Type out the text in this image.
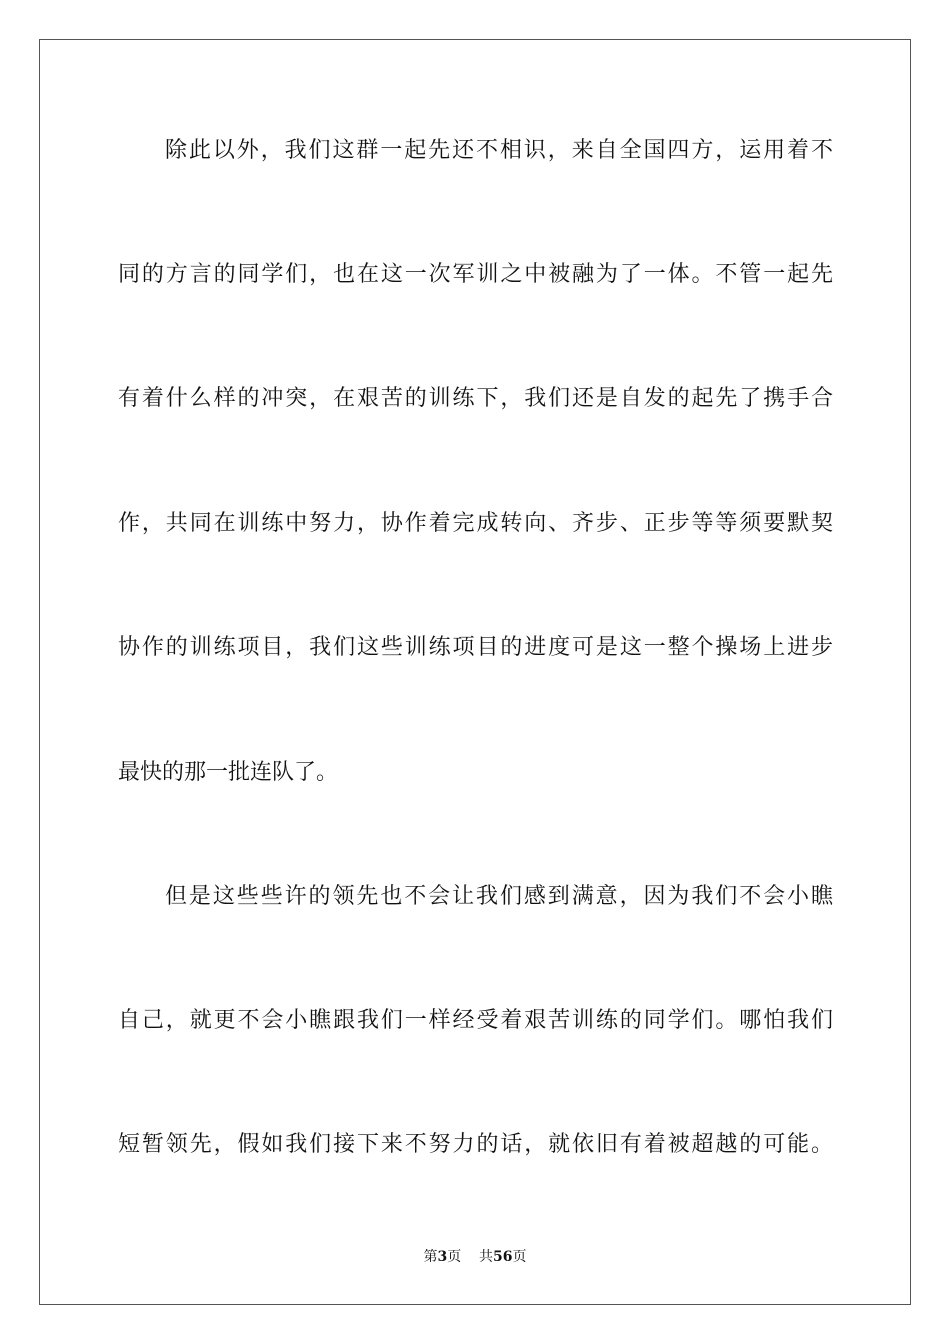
除此以外，我们这群一起先还不相识，来自全国四方，运用着不
同的方言的同学们，也在这一次军训之中被融为了一体。不管一起先
有着什么样的冲突，在艰苦的训练下，我们还是自发的起先了携手合
作，共同在训练中努力，协作着完成转向、齐步、正步等等须要默契
协作的训练项目，我们这些训练项目的进度可是这一整个操场上进步
最快的那一批连队了。
但是这些些许的领先也不会让我们感到满意，因为我们不会小瞧
自己，就更不会小瞧跟我们一样经受着艰苦训练的同学们。哪怕我们
短暂领先，假如我们接下来不努力的话，就依旧有着被超越的可能。
第3页 共56页
